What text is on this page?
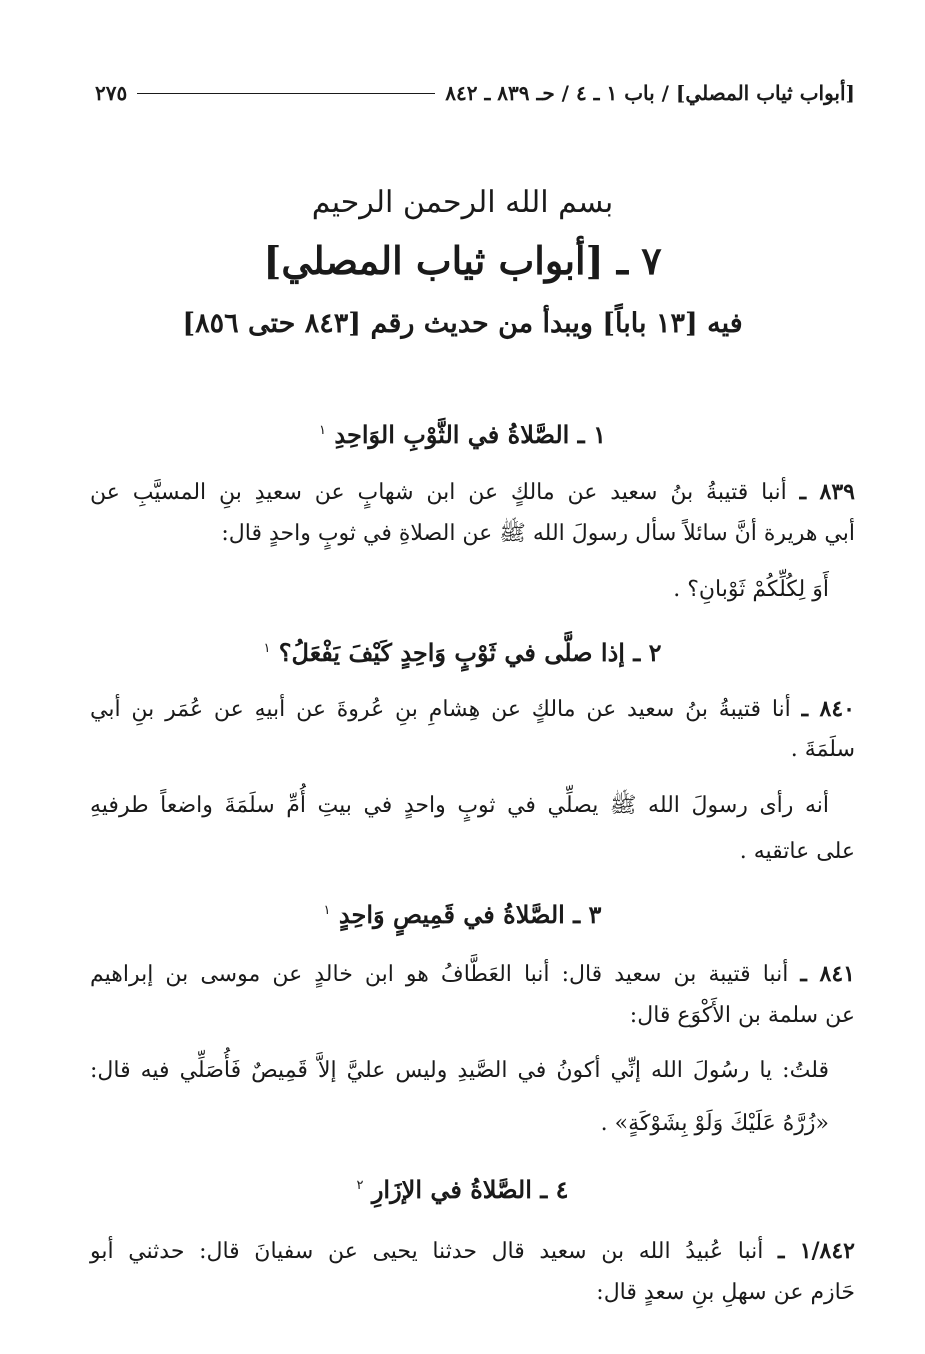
[أبواب ثياب المصلي] / باب ١ ـ ٤ / حـ ٨٣٩ ـ ٨٤٢
٢٧٥
بسم الله الرحمن الرحيم
٧ ـ [أبواب ثياب المصلي]
فيه [١٣ باباً] ويبدأ من حديث رقم [٨٤٣ حتى ٨٥٦]
١ ـ الصَّلاةُ في الثَّوْبِ الوَاحِدِ $^١$
٨٣٩ ـ أنبا قتيبةُ بنُ سعيد عن مالكٍ عن ابن شهابٍ عن سعيدِ بنِ المسيَّبِ عن
أبي هريرة أنَّ سائلاً سأل رسولَ الله ﷺ عن الصلاةِ في ثوبٍ واحدٍ قال:
أَوَ لِكُلِّكُمْ ثَوْبانِ؟ .
٢ ـ إذا صلَّى في ثَوْبٍ وَاحِدٍ كَيْفَ يَفْعَلُ؟ $^١$
٨٤٠ ـ أنا قتيبةُ بنُ سعيد عن مالكٍ عن هِشامِ بنِ عُروةَ عن أبيهِ عن عُمَر بنِ أبي
سلَمَةَ .
أنه رأى رسولَ الله ﷺ يصلِّي في ثوبٍ واحدٍ في بيتِ أُمِّ سلَمَةَ واضعاً طرفيهِ
على عاتقيه .
٣ ـ الصَّلاةُ في قَمِيصٍ وَاحِدٍ $^١$
٨٤١ ـ أنبا قتيبة بن سعيد قال: أنبا العَطَّافُ هو ابن خالدٍ عن موسى بن إبراهيم
عن سلمة بن الأَكْوَع قال:
قلتُ: يا رسُولَ الله إنِّي أكونُ في الصَّيدِ وليس عليَّ إلاَّ قَمِيصٌ فَأُصَلِّي فيه قال:
«زُرَّهُ عَلَيْكَ وَلَوْ بِشَوْكَةٍ» .
٤ ـ الصَّلاةُ في الإزَارِ $^٢$
١/٨٤٢ ـ أنبا عُبيدُ الله بن سعيد قال حدثنا يحيى عن سفيانَ قال: حدثني أبو
حَازم عن سهلِ بنِ سعدٍ قال:
